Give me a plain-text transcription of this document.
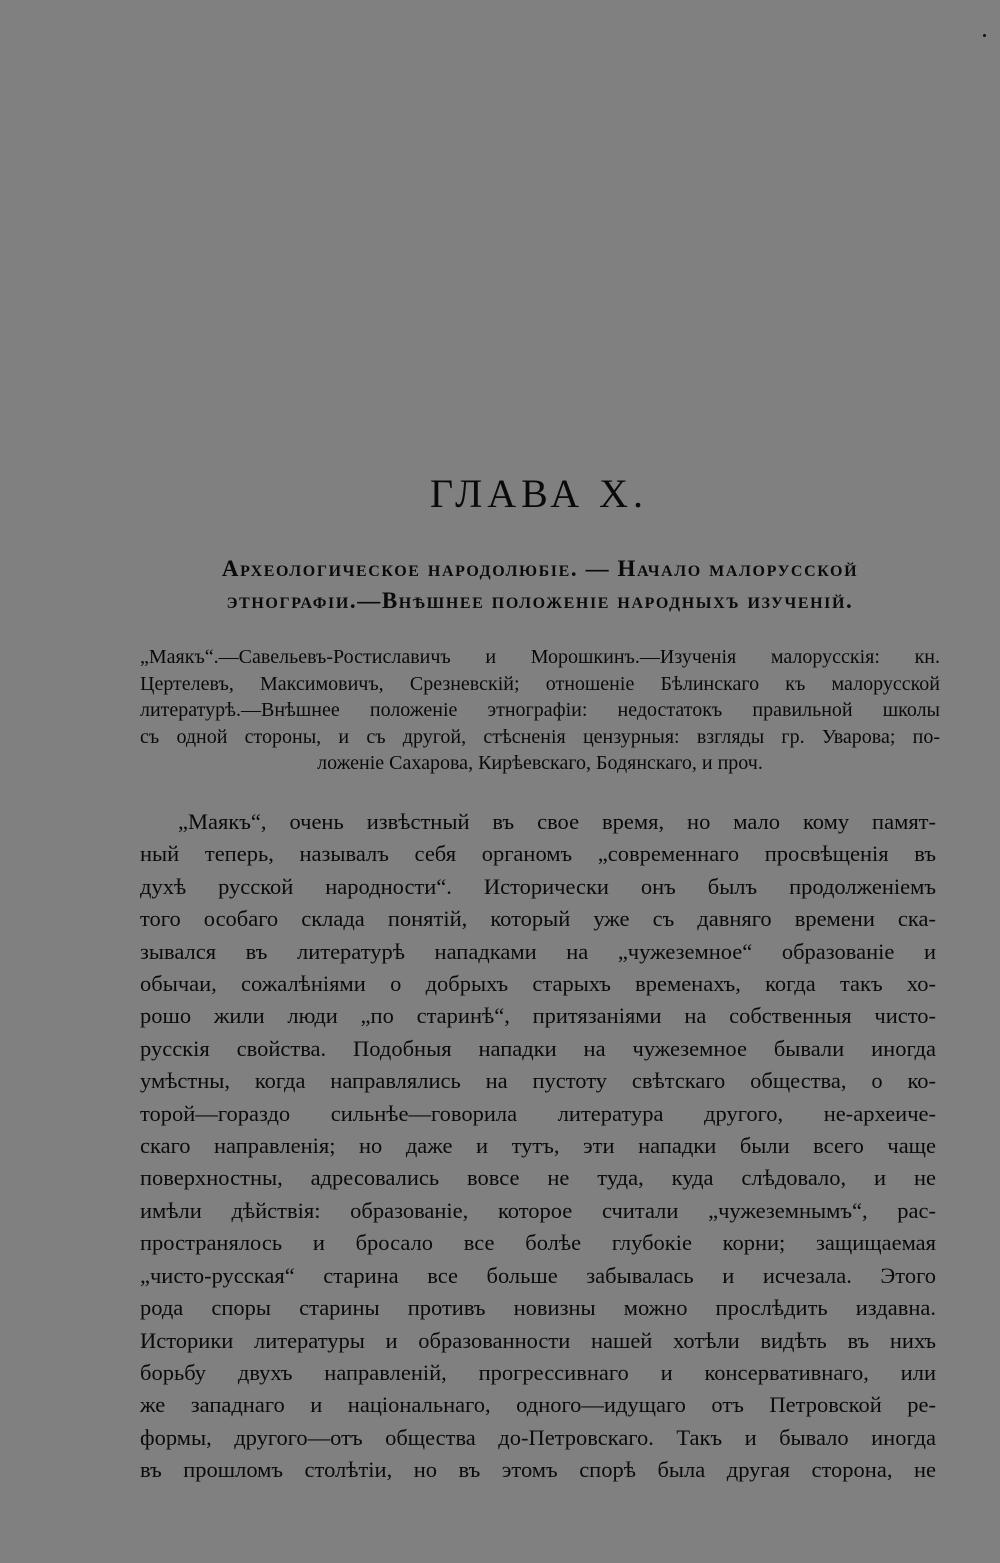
ГЛАВА X.
Археологическое народолюбіе. — Начало малорусской
этнографіи.—Внѣшнее положеніе народныхъ изученій.
„Маякъ“.—Савельевъ-Ростиславичъ и Морошкинъ.—Изученія малорусскія: кн.
Цертелевъ, Максимовичъ, Срезневскій; отношеніе Бѣлинскаго къ малорусской
литературѣ.—Внѣшнее положеніе этнографіи: недостатокъ правильной школы
съ одной стороны, и съ другой, стѣсненія цензурныя: взгляды гр. Уварова; по-
ложеніе Сахарова, Кирѣевскаго, Бодянскаго, и проч.
„Маякъ“, очень извѣстный въ свое время, но мало кому памят-
ный теперь, называлъ себя органомъ „современнаго просвѣщенія въ
духѣ русской народности“. Исторически онъ былъ продолженіемъ
того особаго склада понятій, который уже съ давняго времени ска-
зывался въ литературѣ нападками на „чужеземное“ образованіе и
обычаи, сожалѣніями о добрыхъ старыхъ временахъ, когда такъ хо-
рошо жили люди „по старинѣ“, притязаніями на собственныя чисто-
русскія свойства. Подобныя нападки на чужеземное бывали иногда
умѣстны, когда направлялись на пустоту свѣтскаго общества, о ко-
торой—гораздо сильнѣе—говорила литература другого, не-археиче-
скаго направленія; но даже и тутъ, эти нападки были всего чаще
поверхностны, адресовались вовсе не туда, куда слѣдовало, и не
имѣли дѣйствія: образованіе, которое считали „чужеземнымъ“, рас-
пространялось и бросало все болѣе глубокіе корни; защищаемая
„чисто-русская“ старина все больше забывалась и исчезала. Этого
рода споры старины противъ новизны можно прослѣдить издавна.
Историки литературы и образованности нашей хотѣли видѣть въ нихъ
борьбу двухъ направленій, прогрессивнаго и консервативнаго, или
же западнаго и національнаго, одного—идущаго отъ Петровской ре-
формы, другого—отъ общества до-Петровскаго. Такъ и бывало иногда
въ прошломъ столѣтіи, но въ этомъ спорѣ была другая сторона, не
